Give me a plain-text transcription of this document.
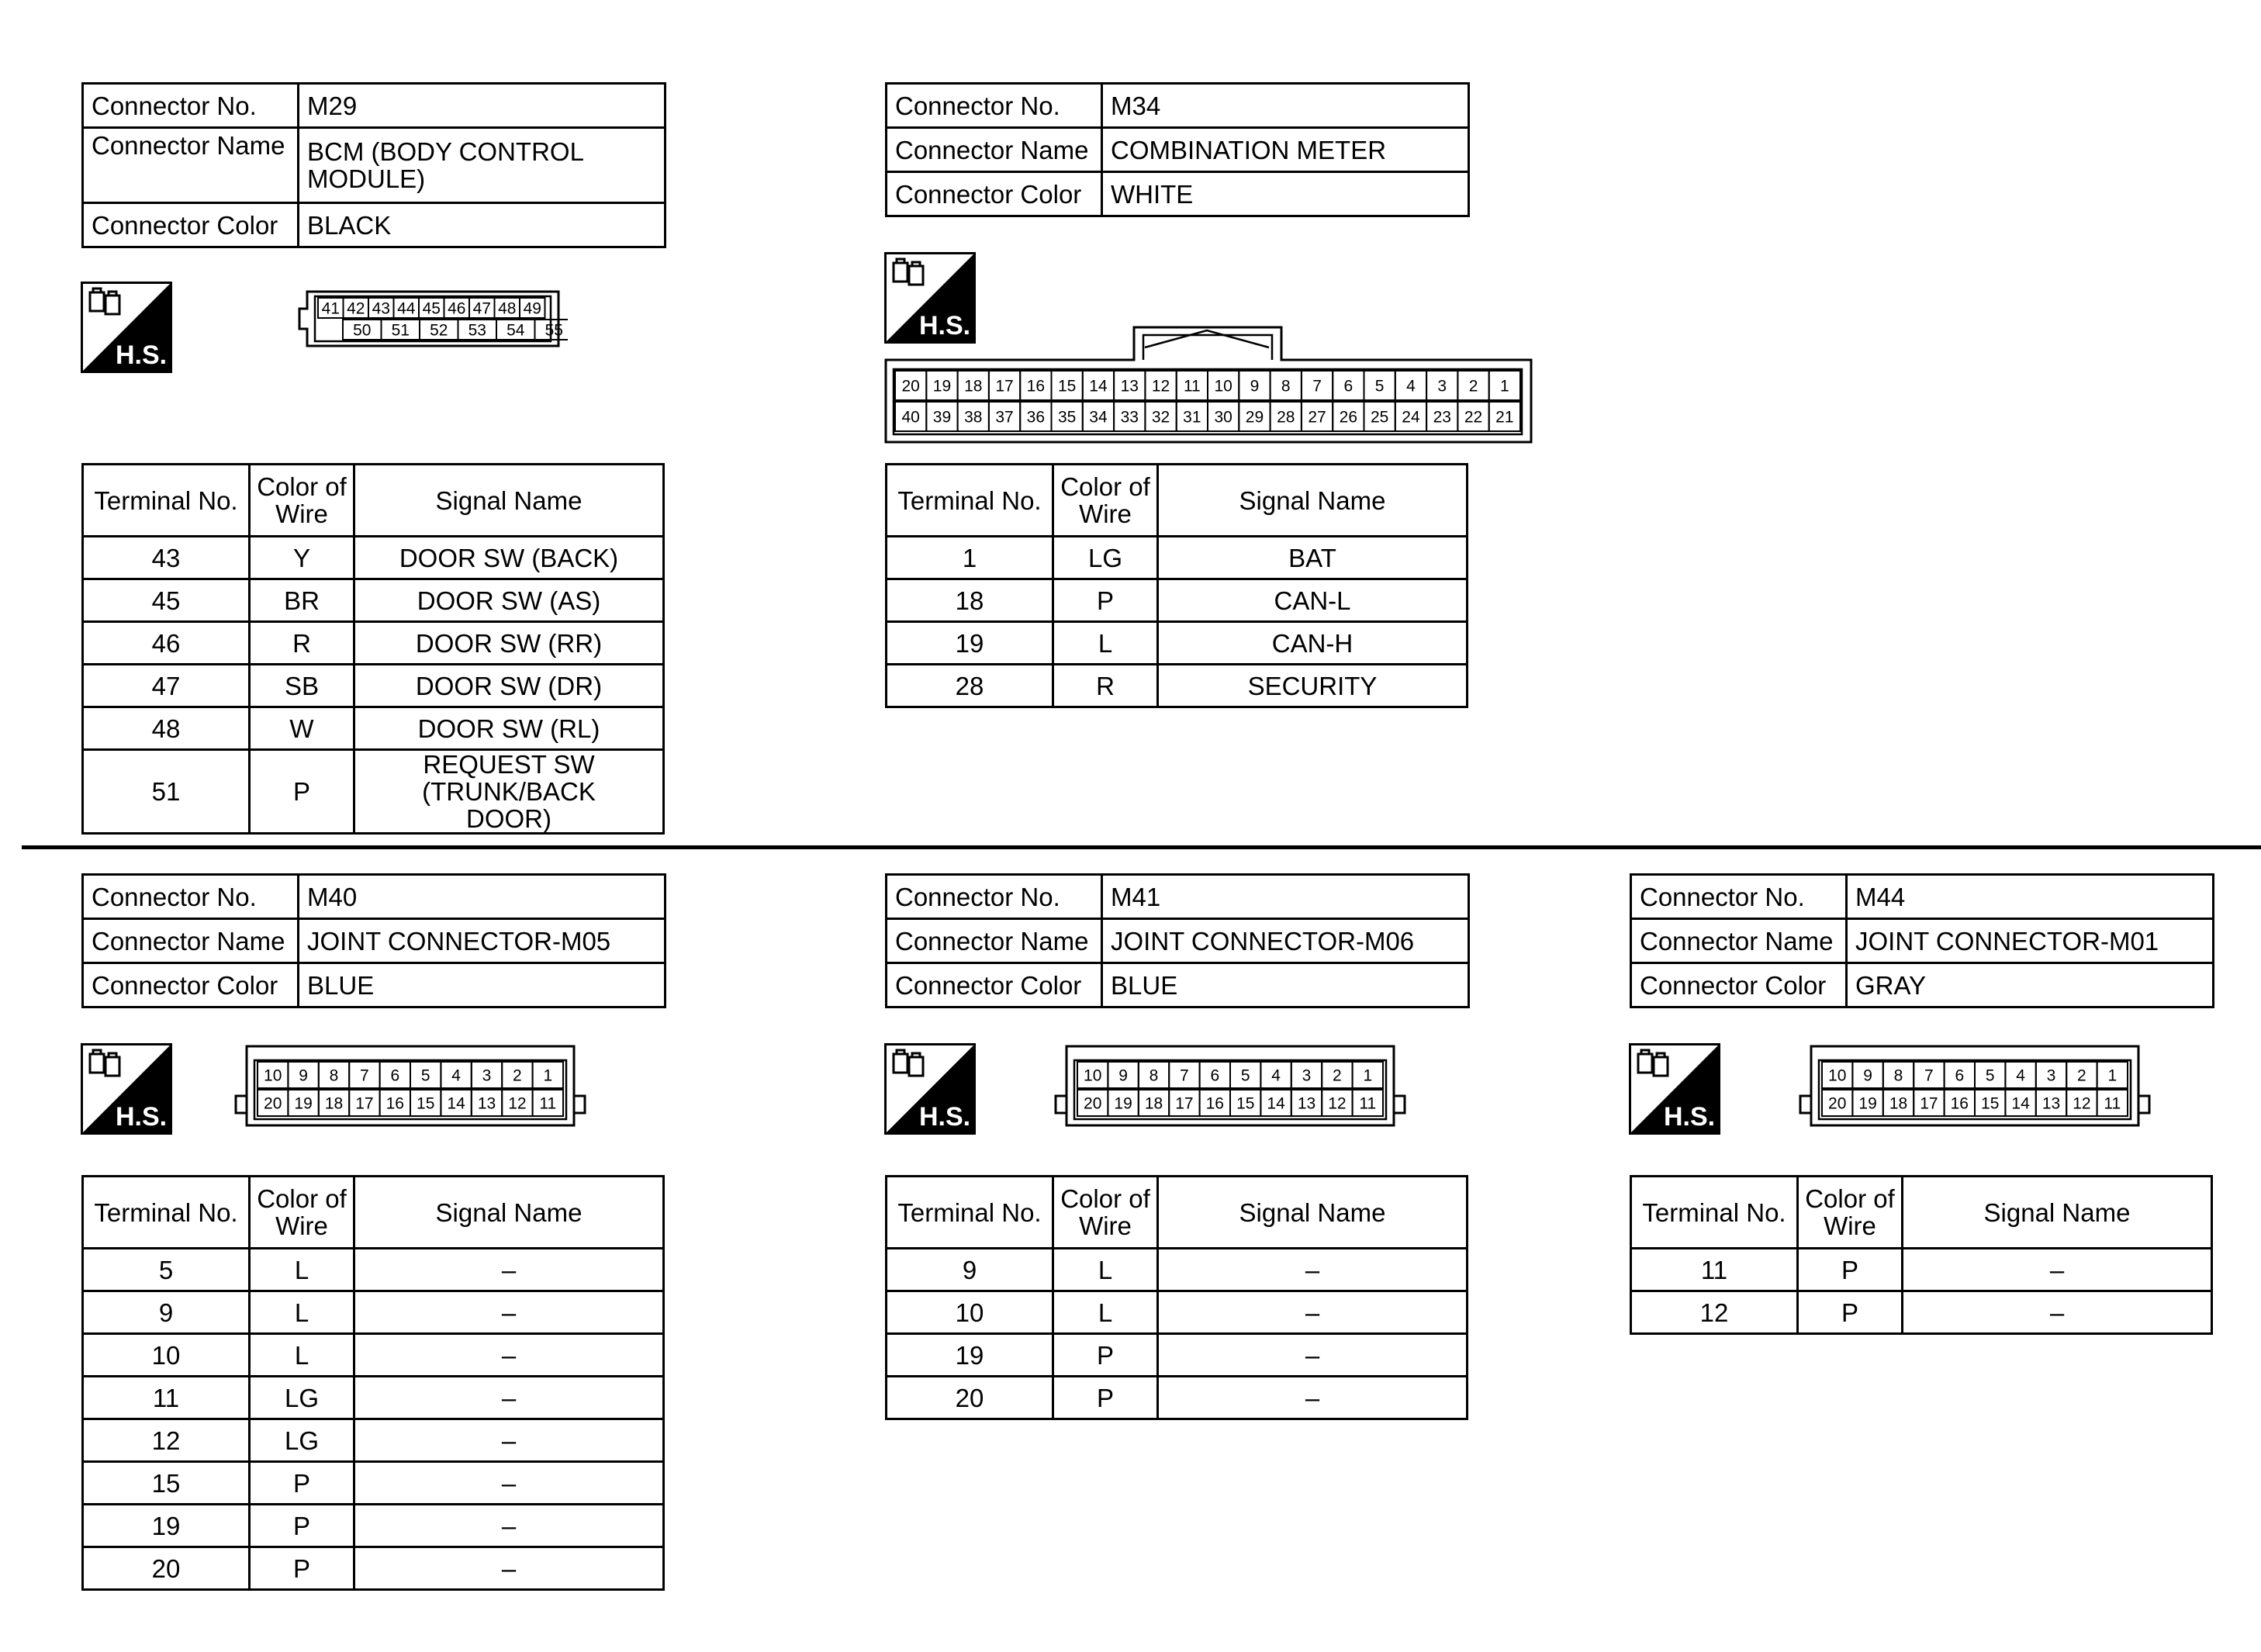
Connector No.	M29
Connector Name	BCM (BODY CONTROL MODULE)
Connector Color	BLACK
H.S.
41 42 43 44 45 46 47 48 49
50 51 52 53 54 55
Terminal No.	Color of Wire	Signal Name
43	Y	DOOR SW (BACK)
45	BR	DOOR SW (AS)
46	R	DOOR SW (RR)
47	SB	DOOR SW (DR)
48	W	DOOR SW (RL)
51	P	REQUEST SW (TRUNK/BACK DOOR)
Connector No.	M34
Connector Name	COMBINATION METER
Connector Color	WHITE
H.S.
20 19 18 17 16 15 14 13 12 11 10 9 8 7 6 5 4 3 2 1
40 39 38 37 36 35 34 33 32 31 30 29 28 27 26 25 24 23 22 21
Terminal No.	Color of Wire	Signal Name
1	LG	BAT
18	P	CAN-L
19	L	CAN-H
28	R	SECURITY
Connector No.	M40
Connector Name	JOINT CONNECTOR-M05
Connector Color	BLUE
H.S.
10 9 8 7 6 5 4 3 2 1
20 19 18 17 16 15 14 13 12 11
Terminal No.	Color of Wire	Signal Name
5	L	–
9	L	–
10	L	–
11	LG	–
12	LG	–
15	P	–
19	P	–
20	P	–
Connector No.	M41
Connector Name	JOINT CONNECTOR-M06
Connector Color	BLUE
H.S.
10 9 8 7 6 5 4 3 2 1
20 19 18 17 16 15 14 13 12 11
Terminal No.	Color of Wire	Signal Name
9	L	–
10	L	–
19	P	–
20	P	–
Connector No.	M44
Connector Name	JOINT CONNECTOR-M01
Connector Color	GRAY
H.S.
10 9 8 7 6 5 4 3 2 1
20 19 18 17 16 15 14 13 12 11
Terminal No.	Color of Wire	Signal Name
11	P	–
12	P	–
